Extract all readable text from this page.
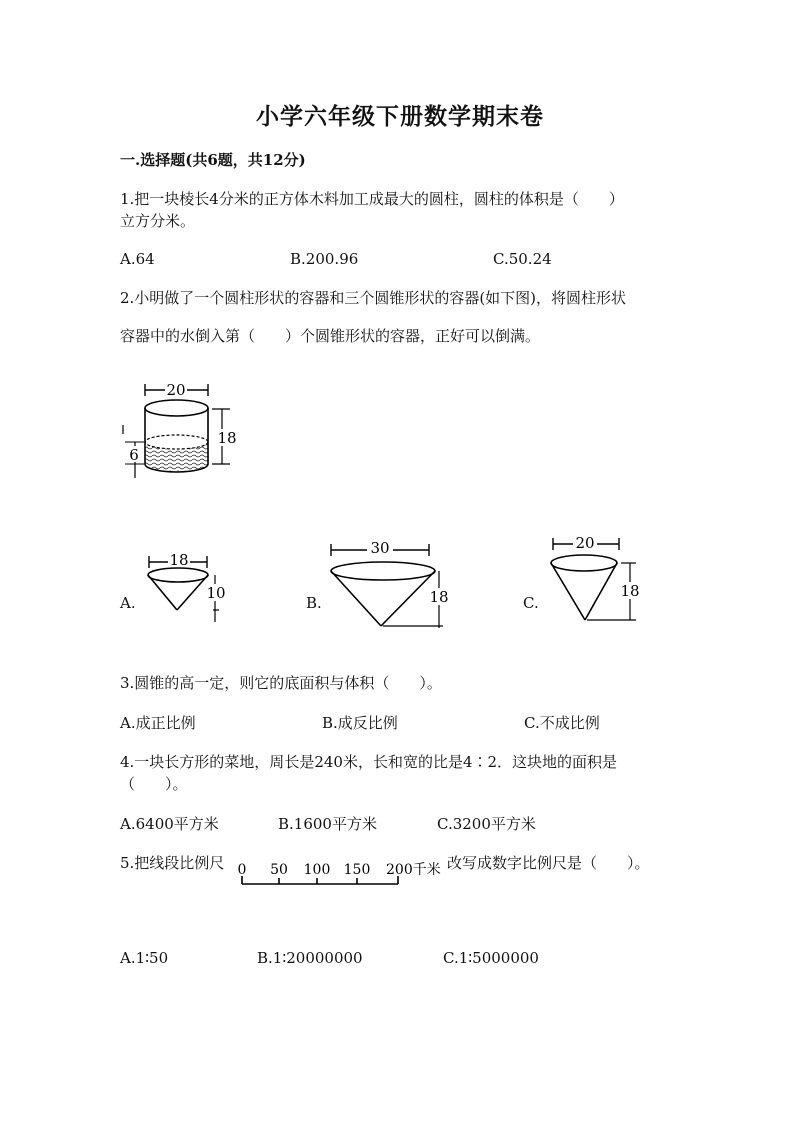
小学六年级下册数学期末卷
一.选择题(共6题，共12分)
1.把一块棱长4分米的正方体木料加工成最大的圆柱，圆柱的体积是（　　）
立方分米。
A.64	B.200.96	C.50.24
2.小明做了一个圆柱形状的容器和三个圆锥形状的容器(如下图)，将圆柱形状
容器中的水倒入第（　　）个圆锥形状的容器，正好可以倒满。
20
18
6
A.
18
10
B.
30
18	C.
20
18
3.圆锥的高一定，则它的底面积与体积（　　）。
A.成正比例	B.成反比例	C.不成比例
4.一块长方形的菜地，周长是240米，长和宽的比是4∶2．这块地的面积是
（　　）。
A.6400平方米	B.1600平方米	C.3200平方米
5.把线段比例尺 0 50 100 150 200千米 改写成数字比例尺是（　　）。
A.1∶50	B.1∶20000000	C.1∶5000000
